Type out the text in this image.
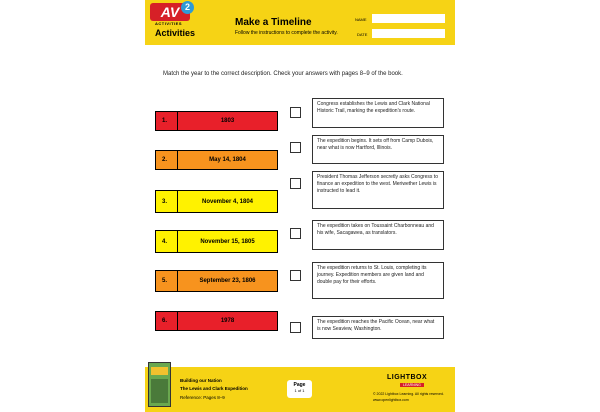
AV 2
ACTIVITIES
Activities
Make a Timeline
Follow the instructions to complete the activity.
NAME
DATE
Match the year to the correct description. Check your answers with pages 8–9 of the book.
1.	1803
2.	May 14, 1804
3.	November 4, 1804
4.	November 15, 1805
5.	September 23, 1806
6.	1978
Congress establishes the Lewis and Clark National Historic Trail, marking the expedition's route.
The expedition begins. It sets off from Camp Dubois, near what is now Hartford, Illinois.
President Thomas Jefferson secretly asks Congress to finance an expedition to the west. Meriwether Lewis is instructed to lead it.
The expedition takes on Toussaint Charbonneau and his wife, Sacagawea, as translators.
The expedition returns to St. Louis, completing its journey. Expedition members are given land and double pay for their efforts.
The expedition reaches the Pacific Ocean, near what is now Seaview, Washington.
Building our Nation
The Lewis and Clark Expedition
Reference: Pages 8–9
Page
1 of 1
LIGHTBOX
LEARNING
© 2022 Lightbox Learning. All rights reserved.
www.openlightbox.com
